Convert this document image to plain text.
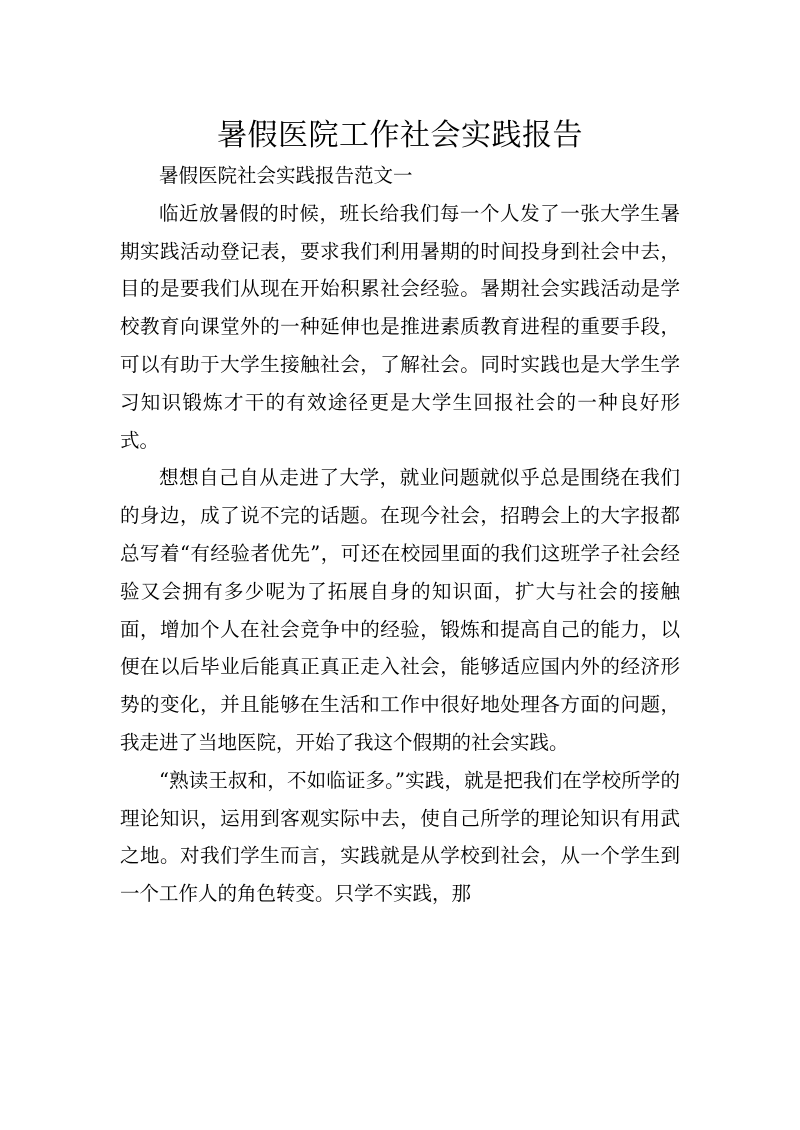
暑假医院工作社会实践报告

暑假医院社会实践报告范文一

临近放暑假的时候，班长给我们每一个人发了一张大学生暑期实践活动登记表，要求我们利用暑期的时间投身到社会中去，目的是要我们从现在开始积累社会经验。暑期社会实践活动是学校教育向课堂外的一种延伸也是推进素质教育进程的重要手段，可以有助于大学生接触社会，了解社会。同时实践也是大学生学习知识锻炼才干的有效途径更是大学生回报社会的一种良好形式。

想想自己自从走进了大学，就业问题就似乎总是围绕在我们的身边，成了说不完的话题。在现今社会，招聘会上的大字报都总写着“有经验者优先”，可还在校园里面的我们这班学子社会经验又会拥有多少呢为了拓展自身的知识面，扩大与社会的接触面，增加个人在社会竞争中的经验，锻炼和提高自己的能力，以便在以后毕业后能真正真正走入社会，能够适应国内外的经济形势的变化，并且能够在生活和工作中很好地处理各方面的问题，我走进了当地医院，开始了我这个假期的社会实践。

“熟读王叔和，不如临证多。”实践，就是把我们在学校所学的理论知识，运用到客观实际中去，使自己所学的理论知识有用武之地。对我们学生而言，实践就是从学校到社会，从一个学生到一个工作人的角色转变。只学不实践，那
